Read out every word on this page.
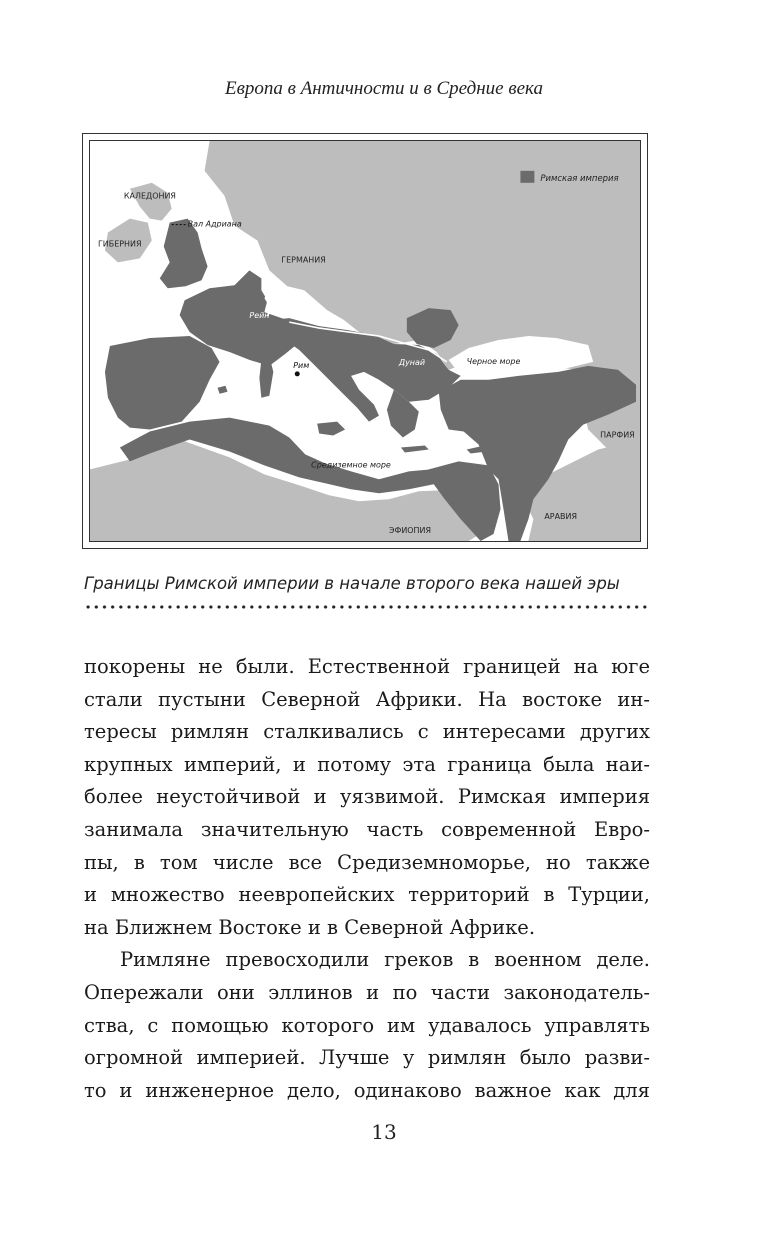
Европа в Античности и в Средние века
Римская империя
КАЛЕДОНИЯ
Вал Адриана
ГИБЕРНИЯ
ГЕРМАНИЯ
Рейн
Рим	Дунай	Черное море
ПАРФИЯ
Средиземное море
АРАВИЯ
ЭФИОПИЯ
Границы Римской империи в начале второго века нашей эры

покорены не были. Естественной границей на юге
стали пустыни Северной Африки. На востоке ин-
тересы римлян сталкивались с интересами других
крупных империй, и потому эта граница была наи-
более неустойчивой и уязвимой. Римская империя
занимала значительную часть современной Евро-
пы, в том числе все Средиземноморье, но также
и множество неевропейских территорий в Турции,
на Ближнем Востоке и в Северной Африке.

Римляне превосходили греков в военном деле.
Опережали они эллинов и по части законодатель-
ства, с помощью которого им удавалось управлять
огромной империей. Лучше у римлян было разви-
то и инженерное дело, одинаково важное как для

13
